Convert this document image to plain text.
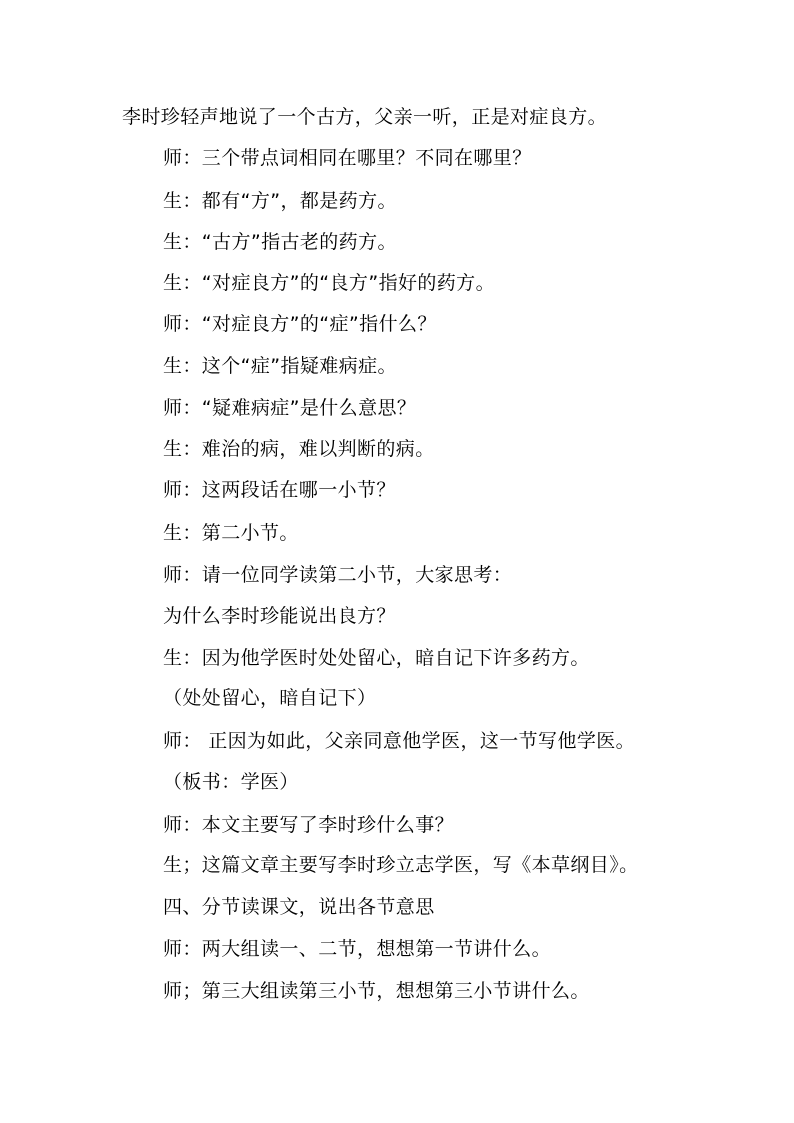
李时珍轻声地说了一个古方，父亲一听，正是对症良方。
师：三个带点词相同在哪里？不同在哪里？
生：都有“方”，都是药方。
生：“古方”指古老的药方。
生：“对症良方”的“良方”指好的药方。
师：“对症良方”的“症”指什么？
生：这个“症”指疑难病症。
师：“疑难病症”是什么意思？
生：难治的病，难以判断的病。
师：这两段话在哪一小节？
生：第二小节。
师：请一位同学读第二小节，大家思考：
为什么李时珍能说出良方？
生：因为他学医时处处留心，暗自记下许多药方。
（处处留心，暗自记下）
师： 正因为如此，父亲同意他学医，这一节写他学医。
（板书：学医）
师：本文主要写了李时珍什么事？
生；这篇文章主要写李时珍立志学医，写《本草纲目》。
四、分节读课文，说出各节意思
师：两大组读一、二节，想想第一节讲什么。
师；第三大组读第三小节，想想第三小节讲什么。
